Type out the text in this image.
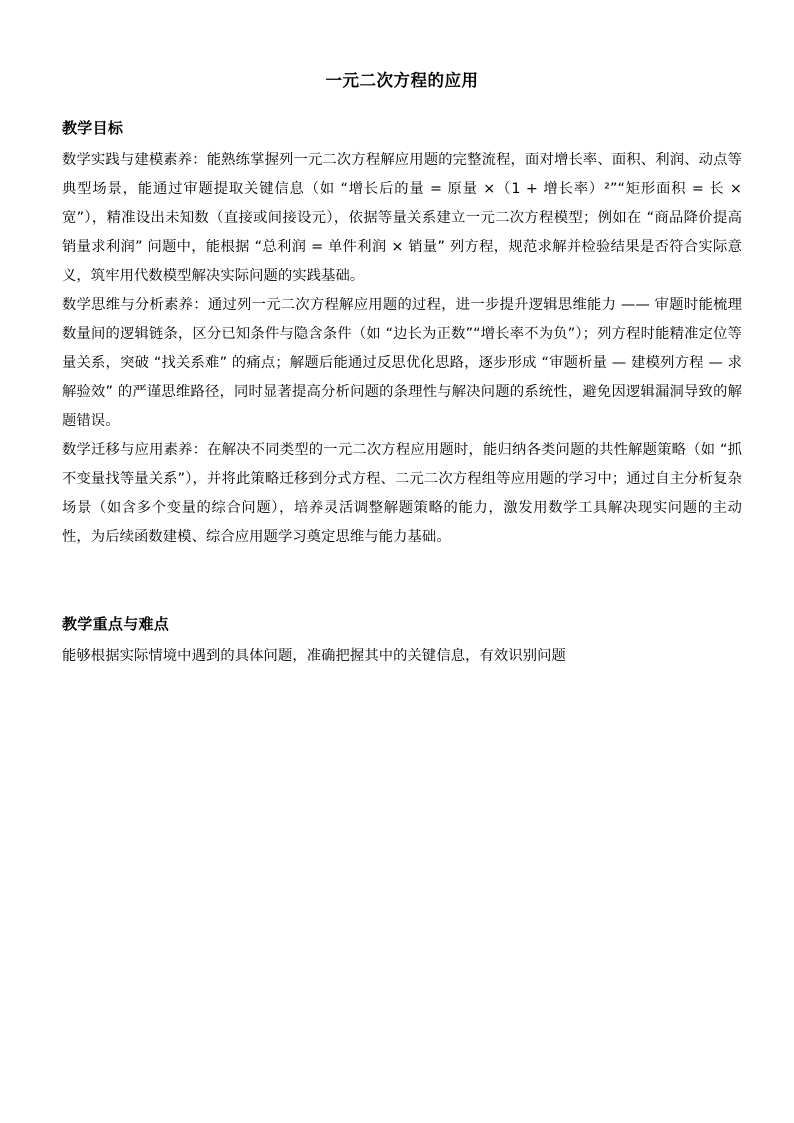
一元二次方程的应用
教学目标

数学实践与建模素养：能熟练掌握列一元二次方程解应用题的完整流程，面对增长率、面积、利润、动点等典型场景，能通过审题提取关键信息（如 “增长后的量 = 原量 ×（1 + 增长率）²”“矩形面积 = 长 × 宽”），精准设出未知数（直接或间接设元），依据等量关系建立一元二次方程模型；例如在 “商品降价提高销量求利润” 问题中，能根据 “总利润 = 单件利润 × 销量” 列方程，规范求解并检验结果是否符合实际意义，筑牢用代数模型解决实际问题的实践基础。

数学思维与分析素养：通过列一元二次方程解应用题的过程，进一步提升逻辑思维能力 —— 审题时能梳理数量间的逻辑链条，区分已知条件与隐含条件（如 “边长为正数”“增长率不为负”）；列方程时能精准定位等量关系，突破 “找关系难” 的痛点；解题后能通过反思优化思路，逐步形成 “审题析量 — 建模列方程 — 求解验效” 的严谨思维路径，同时显著提高分析问题的条理性与解决问题的系统性，避免因逻辑漏洞导致的解题错误。

数学迁移与应用素养：在解决不同类型的一元二次方程应用题时，能归纳各类问题的共性解题策略（如 “抓不变量找等量关系”），并将此策略迁移到分式方程、二元二次方程组等应用题的学习中；通过自主分析复杂场景（如含多个变量的综合问题），培养灵活调整解题策略的能力，激发用数学工具解决现实问题的主动性，为后续函数建模、综合应用题学习奠定思维与能力基础。

教学重点与难点

能够根据实际情境中遇到的具体问题，准确把握其中的关键信息，有效识别问题
